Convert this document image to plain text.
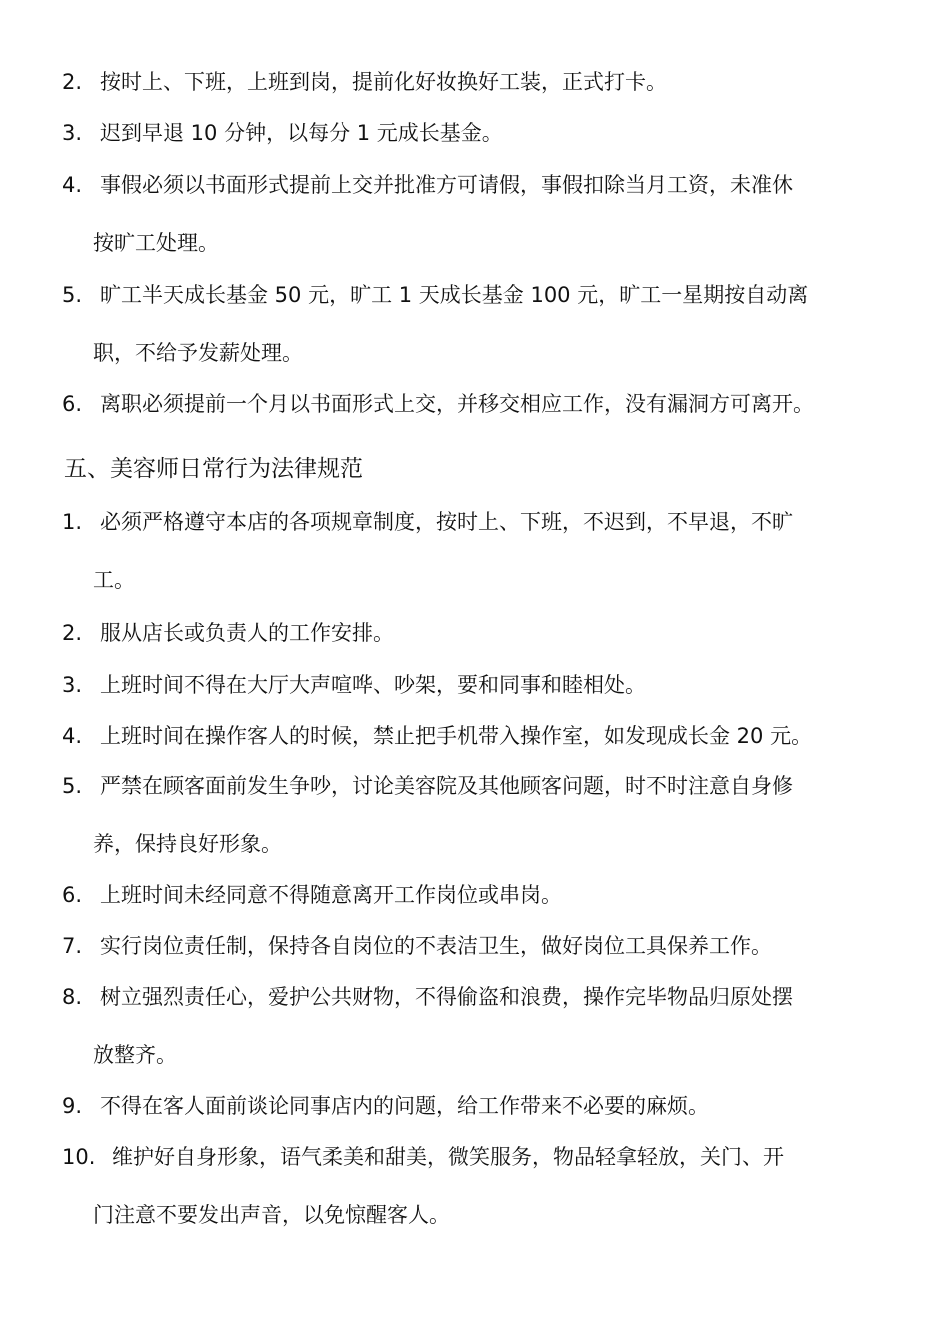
2. 按时上、下班，上班到岗，提前化好妆换好工装，正式打卡。
3. 迟到早退 10 分钟，以每分 1 元成长基金。
4. 事假必须以书面形式提前上交并批准方可请假，事假扣除当月工资，未准休
按旷工处理。
5. 旷工半天成长基金 50 元，旷工 1 天成长基金 100 元，旷工一星期按自动离
职，不给予发薪处理。
6. 离职必须提前一个月以书面形式上交，并移交相应工作，没有漏洞方可离开。
五、美容师日常行为法律规范
1. 必须严格遵守本店的各项规章制度，按时上、下班，不迟到，不早退，不旷
工。
2. 服从店长或负责人的工作安排。
3. 上班时间不得在大厅大声喧哗、吵架，要和同事和睦相处。
4. 上班时间在操作客人的时候，禁止把手机带入操作室，如发现成长金 20 元。
5. 严禁在顾客面前发生争吵，讨论美容院及其他顾客问题，时不时注意自身修
养，保持良好形象。
6. 上班时间未经同意不得随意离开工作岗位或串岗。
7. 实行岗位责任制，保持各自岗位的不表洁卫生，做好岗位工具保养工作。
8. 树立强烈责任心，爱护公共财物，不得偷盗和浪费，操作完毕物品归原处摆
放整齐。
9. 不得在客人面前谈论同事店内的问题，给工作带来不必要的麻烦。
10. 维护好自身形象，语气柔美和甜美，微笑服务，物品轻拿轻放，关门、开
门注意不要发出声音，以免惊醒客人。
